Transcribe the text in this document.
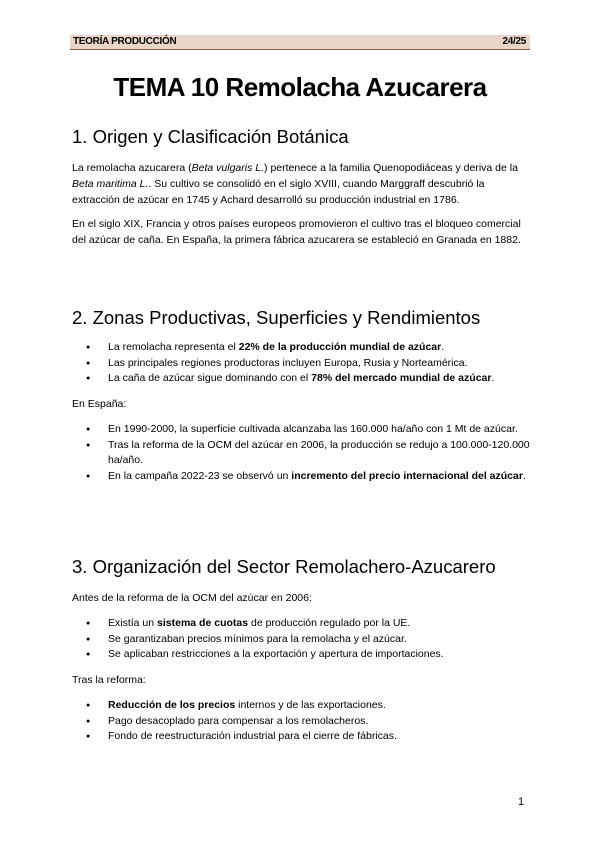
TEORÍA PRODUCCIÓN	24/25
TEMA 10 Remolacha Azucarera
1. Origen y Clasificación Botánica

La remolacha azucarera (Beta vulgaris L.) pertenece a la familia Quenopodiáceas y deriva de la Beta maritima L.. Su cultivo se consolidó en el siglo XVIII, cuando Marggraff descubrió la extracción de azúcar en 1745 y Achard desarrolló su producción industrial en 1786.

En el siglo XIX, Francia y otros países europeos promovieron el cultivo tras el bloqueo comercial del azúcar de caña. En España, la primera fábrica azucarera se estableció en Granada en 1882.

2. Zonas Productivas, Superficies y Rendimientos
● La remolacha representa el 22% de la producción mundial de azúcar.
● Las principales regiones productoras incluyen Europa, Rusia y Norteamérica.
● La caña de azúcar sigue dominando con el 78% del mercado mundial de azúcar.

En España:

● En 1990-2000, la superficie cultivada alcanzaba las 160.000 ha/año con 1 Mt de azúcar.
● Tras la reforma de la OCM del azúcar en 2006, la producción se redujo a 100.000-120.000 ha/año.
● En la campaña 2022-23 se observó un incremento del precio internacional del azúcar.
3. Organización del Sector Remolachero-Azucarero

Antes de la reforma de la OCM del azúcar en 2006:

● Existía un sistema de cuotas de producción regulado por la UE.
● Se garantizaban precios mínimos para la remolacha y el azúcar.
● Se aplicaban restricciones a la exportación y apertura de importaciones.

Tras la reforma:

● Reducción de los precios internos y de las exportaciones.
● Pago desacoplado para compensar a los remolacheros.
● Fondo de reestructuración industrial para el cierre de fábricas.
1
